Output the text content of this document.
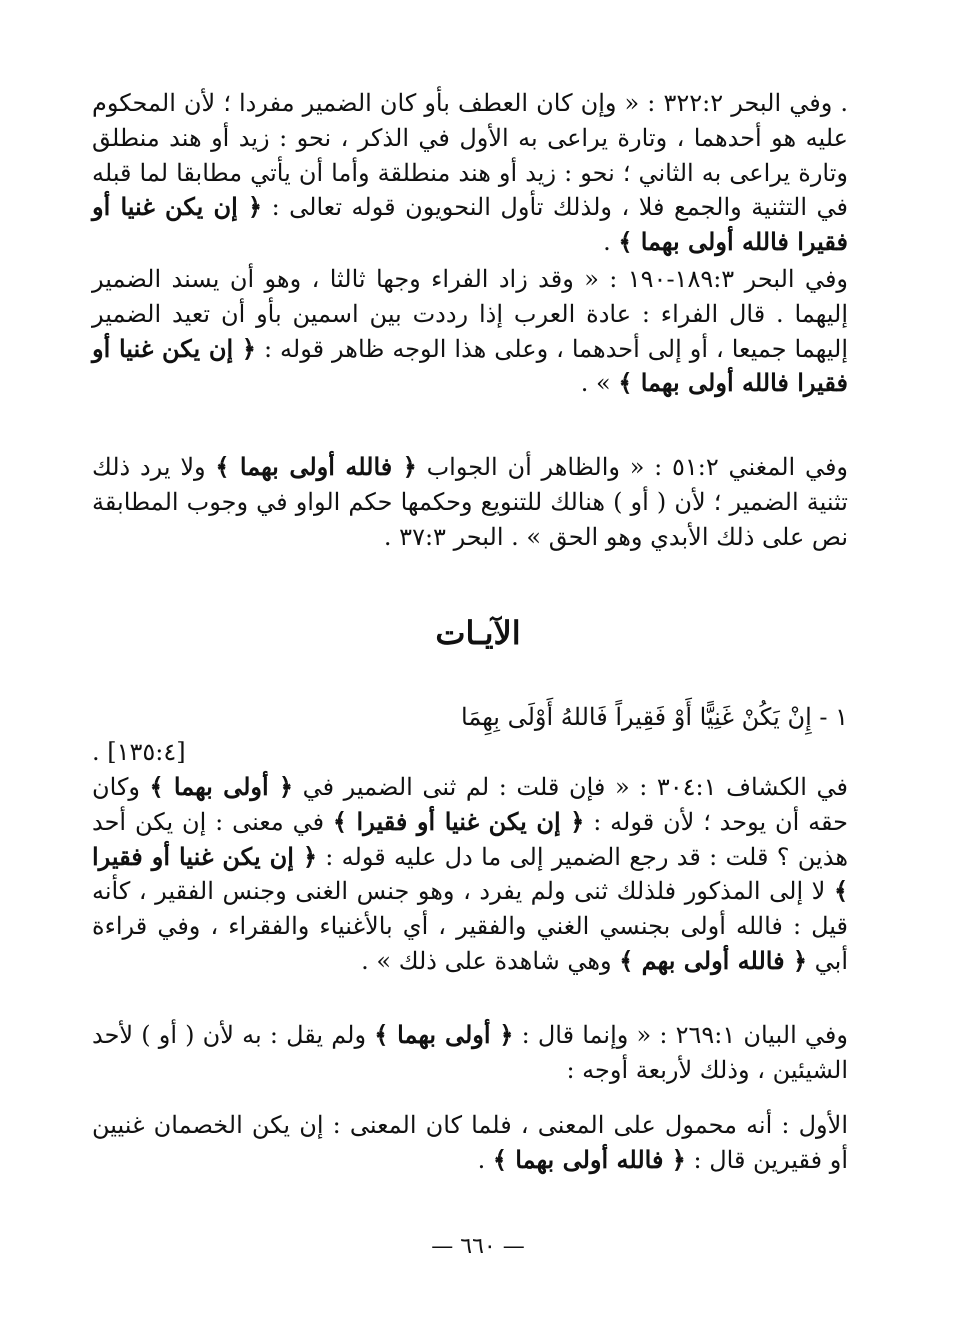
. وفي البحر ٣٢٢:٢ : « وإن كان العطف بأو كان الضمير مفردا ؛ لأن المحكوم عليه هو أحدهما ، وتارة يراعى به الأول في الذكر ، نحو : زيد أو هند منطلق وتارة يراعى به الثاني ؛ نحو : زيد أو هند منطلقة وأما أن يأتي مطابقا لما قبله في التثنية والجمع فلا ، ولذلك تأول النحويون قوله تعالى : ﴿ إن يكن غنيا أو فقيرا فالله أولى بهما ﴾ .

وفي البحر ١٨٩:٣-١٩٠ : « وقد زاد الفراء وجها ثالثا ، وهو أن يسند الضمير إليهما . قال الفراء : عادة العرب إذا رددت بين اسمين بأو أن تعيد الضمير إليهما جميعا ، أو إلى أحدهما ، وعلى هذا الوجه ظاهر قوله : ﴿ إن يكن غنيا أو فقيرا فالله أولى بهما ﴾ » .

وفي المغني ٥١:٢ : « والظاهر أن الجواب ﴿ فالله أولى بهما ﴾ ولا يرد ذلك تثنية الضمير ؛ لأن ( أو ) هنالك للتنويع وحكمها حكم الواو في وجوب المطابقة نص على ذلك الأبدي وهو الحق » . البحر ٣٧:٣ .

الآيـات
١ - إِنْ يَكُنْ غَنِيًّا أَوْ فَقِيراً فَاللهُ أَوْلَى بِهِمَا
[١٣٥:٤] .

في الكشاف ٣٠٤:١ : « فإن قلت : لم ثنى الضمير في ﴿ أولى بهما ﴾ وكان حقه أن يوحد ؛ لأن قوله : ﴿ إن يكن غنيا أو فقيرا ﴾ في معنى : إن يكن أحد هذين ؟ قلت : قد رجع الضمير إلى ما دل عليه قوله : ﴿ إن يكن غنيا أو فقيرا ﴾ لا إلى المذكور فلذلك ثنى ولم يفرد ، وهو جنس الغنى وجنس الفقير ، كأنه قيل : فالله أولى بجنسي الغني والفقير ، أي بالأغنياء والفقراء ، وفي قراءة أبي ﴿ فالله أولى بهم ﴾ وهي شاهدة على ذلك » .

وفي البيان ٢٦٩:١ : « وإنما قال : ﴿ أولى بهما ﴾ ولم يقل : به لأن ( أو ) لأحد الشيئين ، وذلك لأربعة أوجه :

الأول : أنه محمول على المعنى ، فلما كان المعنى : إن يكن الخصمان غنيين أو فقيرين قال : ﴿ فالله أولى بهما ﴾ .

— ٦٦٠ —
